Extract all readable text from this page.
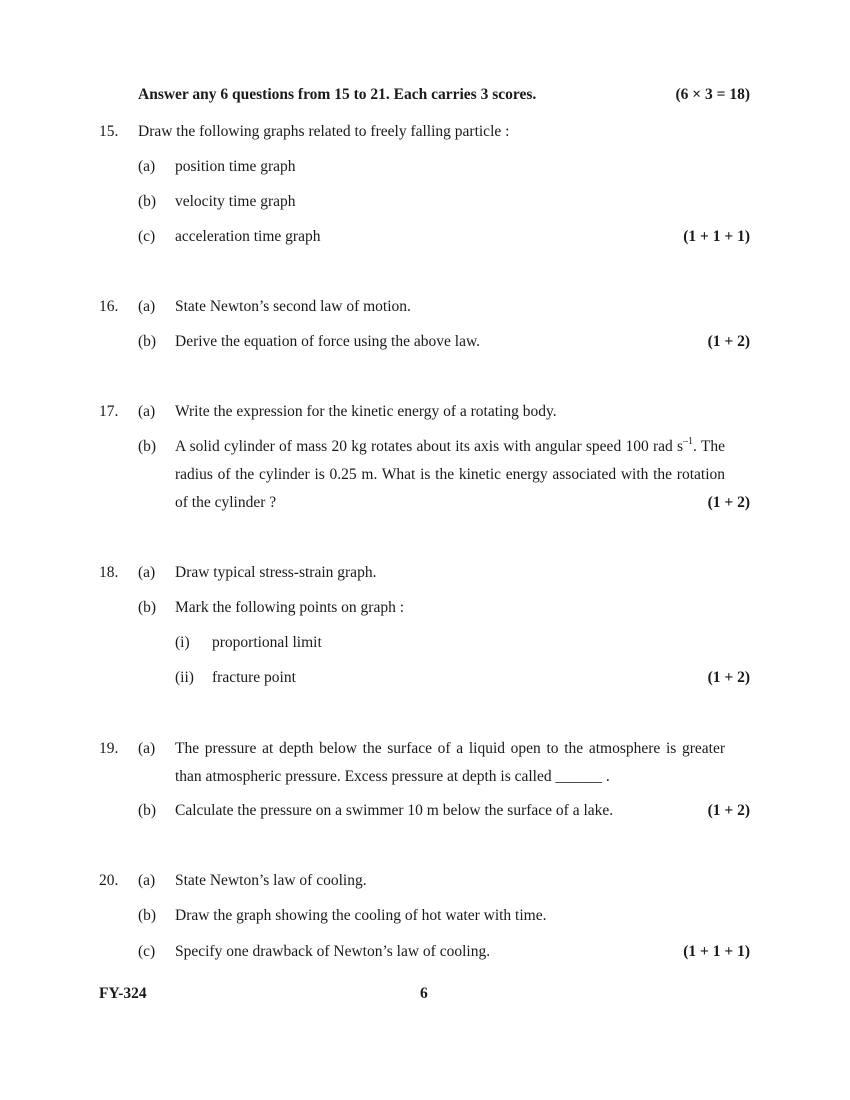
Answer any 6 questions from 15 to 21. Each carries 3 scores.	(6 × 3 = 18)
15. Draw the following graphs related to freely falling particle :
(a) position time graph
(b) velocity time graph
(c) acceleration time graph	(1 + 1 + 1)
16. (a) State Newton’s second law of motion.
(b) Derive the equation of force using the above law.	(1 + 2)
17. (a) Write the expression for the kinetic energy of a rotating body.
(b) A solid cylinder of mass 20 kg rotates about its axis with angular speed 100 rad $s^{-1}$. The radius of the cylinder is 0.25 m. What is the kinetic energy associated with the rotation of the cylinder ?	(1 + 2)
18. (a) Draw typical stress-strain graph.
(b) Mark the following points on graph :
(i) proportional limit
(ii) fracture point	(1 + 2)
19. (a) The pressure at depth below the surface of a liquid open to the atmosphere is greater than atmospheric pressure. Excess pressure at depth is called ______ .
(b) Calculate the pressure on a swimmer 10 m below the surface of a lake.	(1 + 2)
20. (a) State Newton’s law of cooling.
(b) Draw the graph showing the cooling of hot water with time.
(c) Specify one drawback of Newton’s law of cooling.	(1 + 1 + 1)
FY-324	6
